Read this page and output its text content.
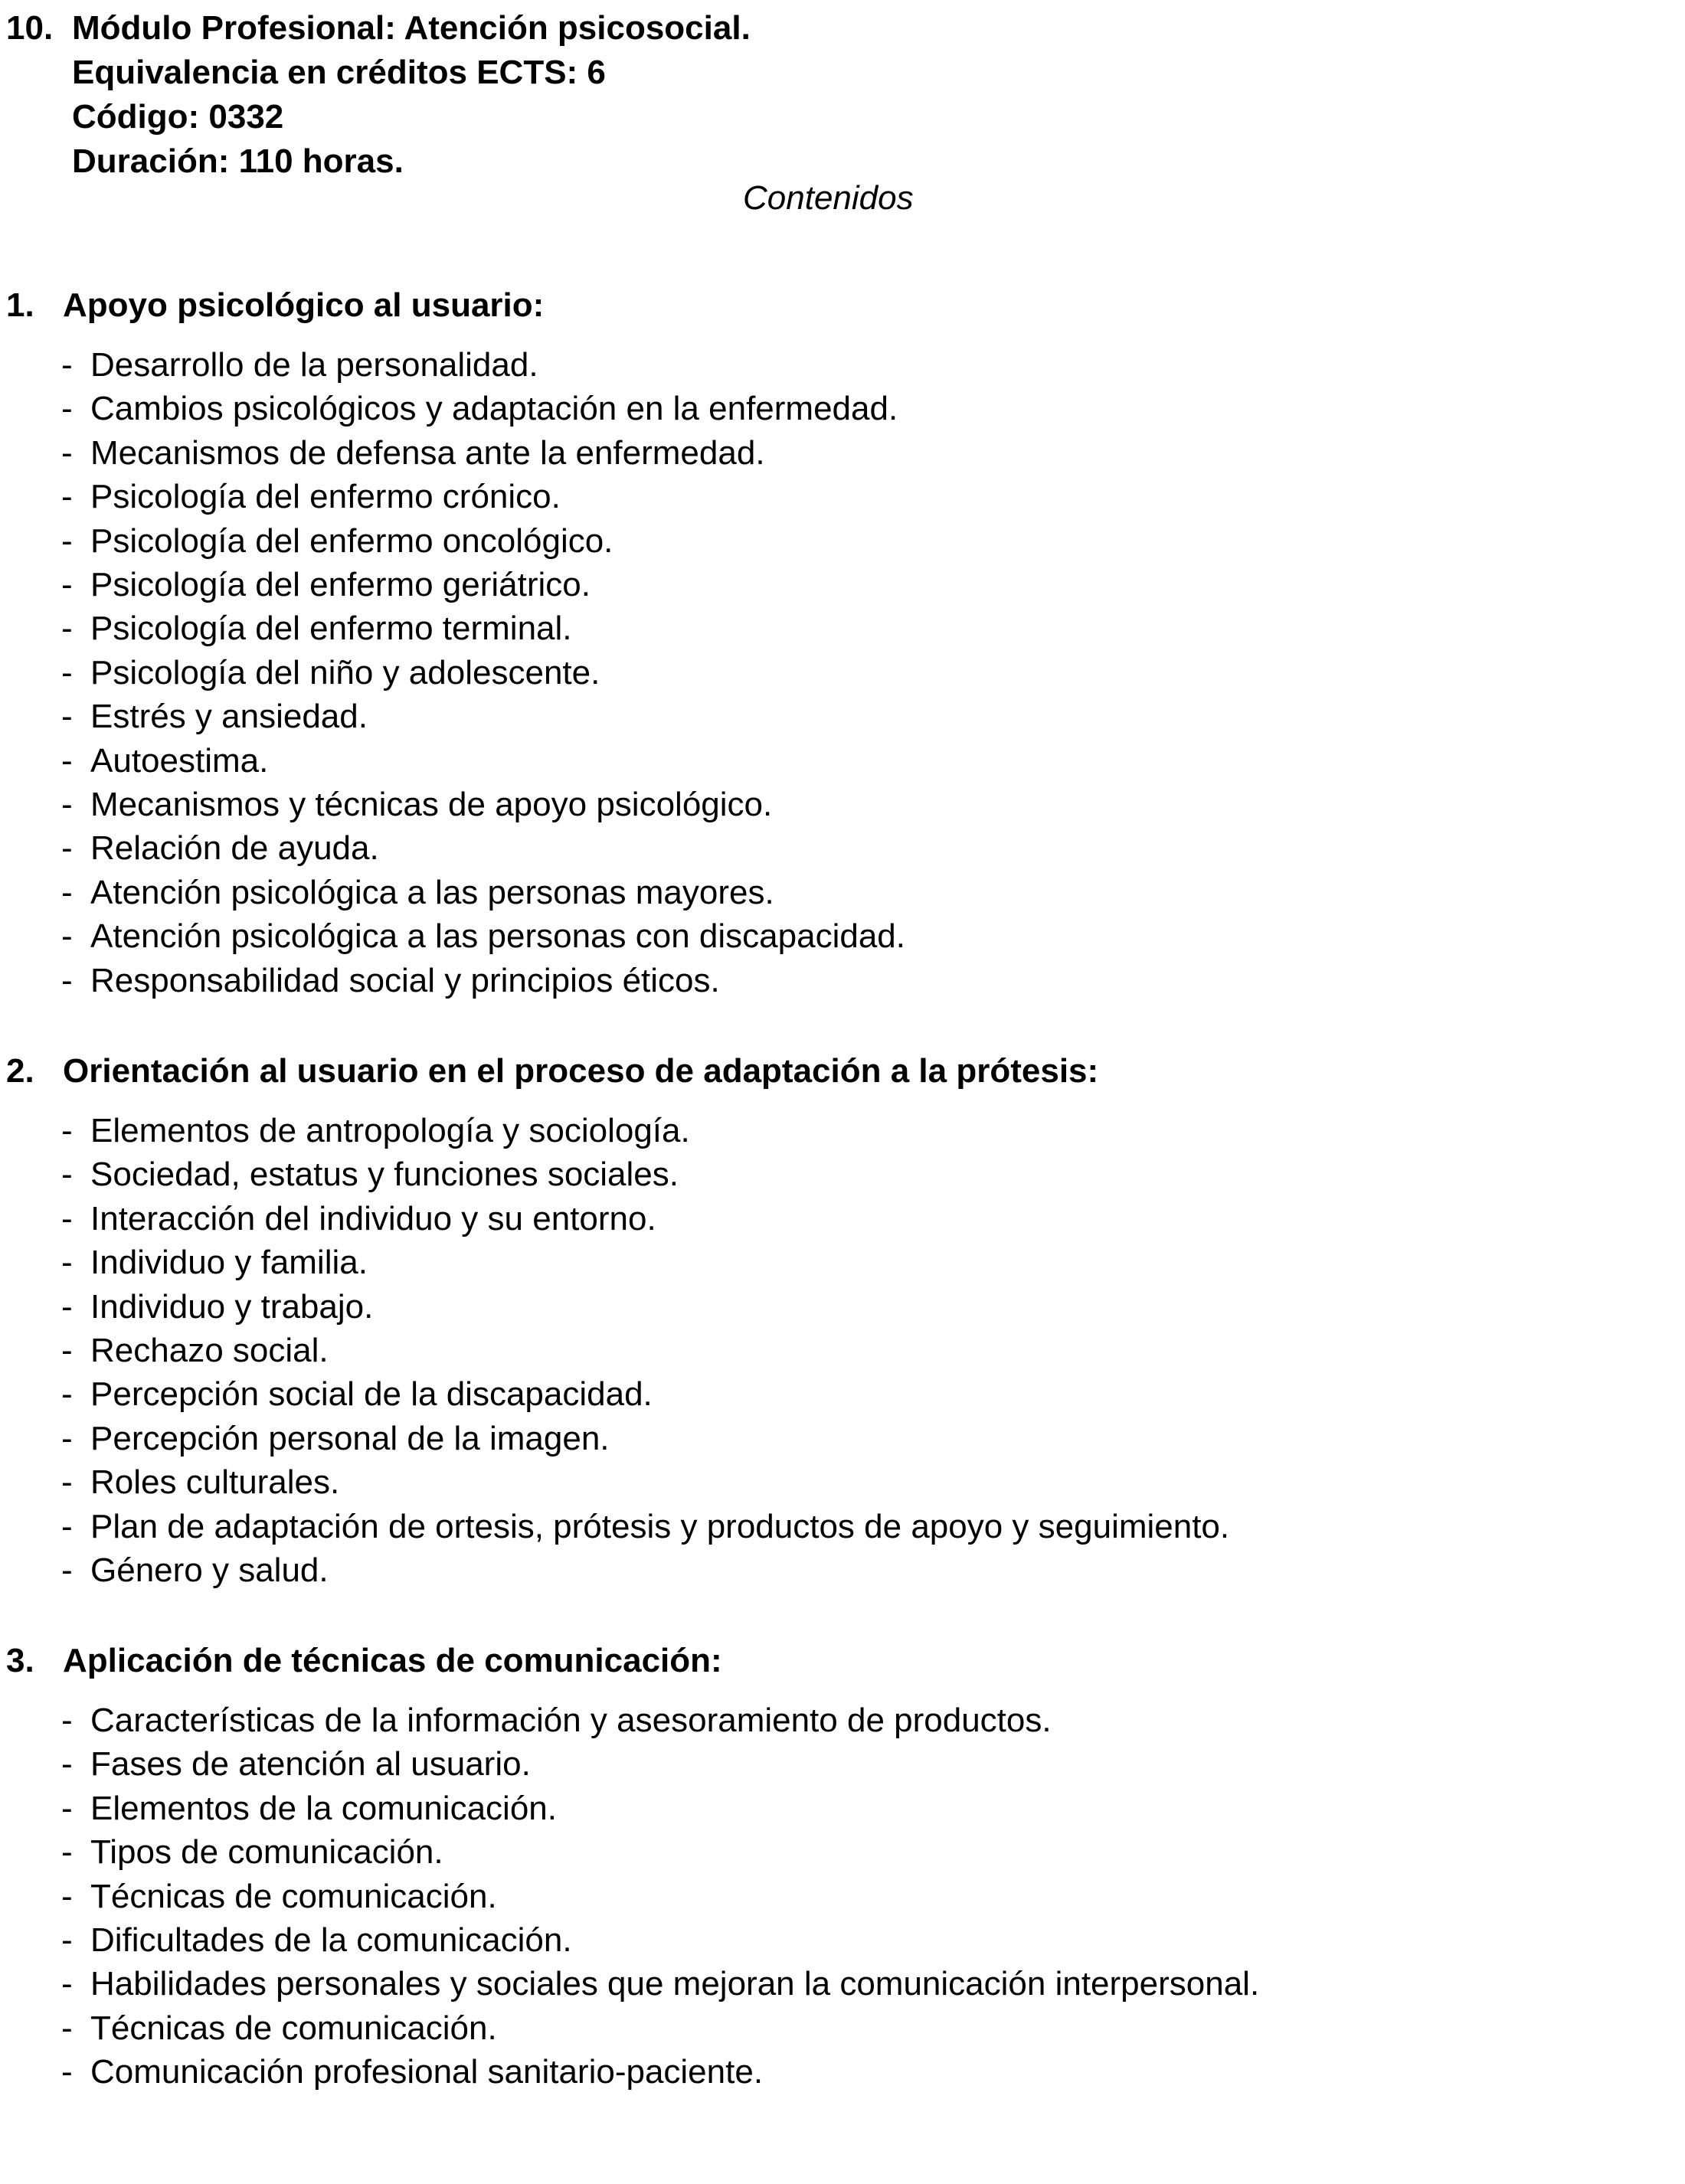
10. Módulo Profesional: Atención psicosocial.
Equivalencia en créditos ECTS: 6
Código: 0332
Duración: 110 horas.
Contenidos
1. Apoyo psicológico al usuario:
- Desarrollo de la personalidad.
- Cambios psicológicos y adaptación en la enfermedad.
- Mecanismos de defensa ante la enfermedad.
- Psicología del enfermo crónico.
- Psicología del enfermo oncológico.
- Psicología del enfermo geriátrico.
- Psicología del enfermo terminal.
- Psicología del niño y adolescente.
- Estrés y ansiedad.
- Autoestima.
- Mecanismos y técnicas de apoyo psicológico.
- Relación de ayuda.
- Atención psicológica a las personas mayores.
- Atención psicológica a las personas con discapacidad.
- Responsabilidad social y principios éticos.
2. Orientación al usuario en el proceso de adaptación a la prótesis:
- Elementos de antropología y sociología.
- Sociedad, estatus y funciones sociales.
- Interacción del individuo y su entorno.
- Individuo y familia.
- Individuo y trabajo.
- Rechazo social.
- Percepción social de la discapacidad.
- Percepción personal de la imagen.
- Roles culturales.
- Plan de adaptación de ortesis, prótesis y productos de apoyo y seguimiento.
- Género y salud.
3. Aplicación de técnicas de comunicación:
- Características de la información y asesoramiento de productos.
- Fases de atención al usuario.
- Elementos de la comunicación.
- Tipos de comunicación.
- Técnicas de comunicación.
- Dificultades de la comunicación.
- Habilidades personales y sociales que mejoran la comunicación interpersonal.
- Técnicas de comunicación.
- Comunicación profesional sanitario-paciente.
